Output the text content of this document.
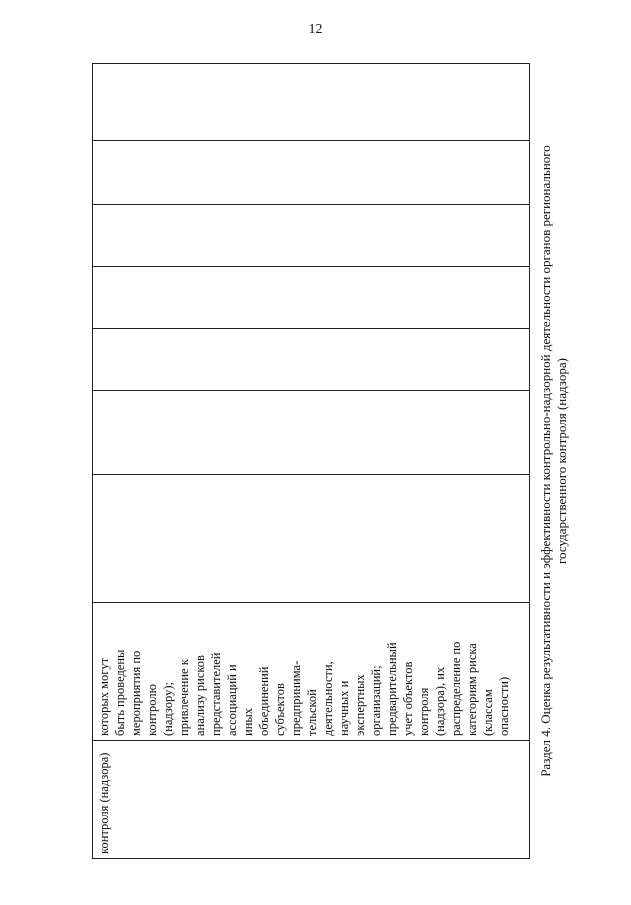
12
контроля (надзора)
которых могут быть проведены мероприятия по контролю (надзору); привлечение к анализу рисков представителей ассоциаций и иных объединений субъектов предпринима- тельской деятельности, научных и экспертных организаций; предварительный учет объектов контроля (надзора), их распределение по категориям риска (классам опасности) Раздел 4. Оценка результативности и эффективности контрольно-надзорной деятельности органов регионального государственного контроля (надзора)
